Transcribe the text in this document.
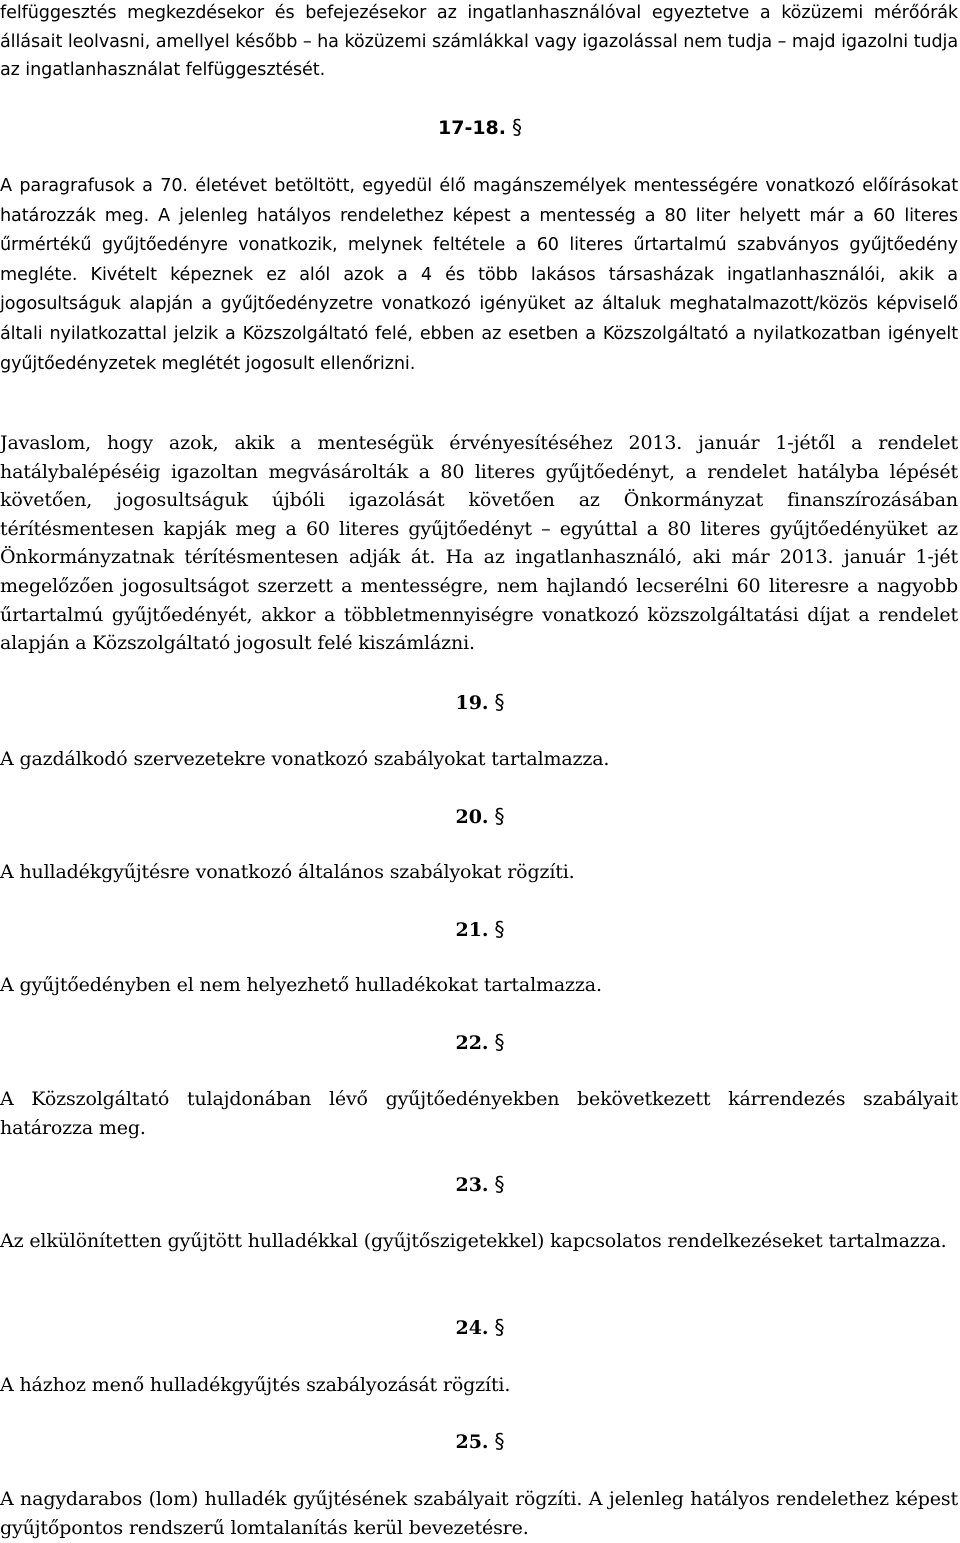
felfüggesztés megkezdésekor és befejezésekor az ingatlanhasználóval egyeztetve a közüzemi mérőórák állásait leolvasni, amellyel később – ha közüzemi számlákkal vagy igazolással nem tudja – majd igazolni tudja az ingatlanhasználat felfüggesztését.

17-18. §

A paragrafusok a 70. életévet betöltött, egyedül élő magánszemélyek mentességére vonatkozó előírásokat határozzák meg. A jelenleg hatályos rendelethez képest a mentesség a 80 liter helyett már a 60 literes űrmértékű gyűjtőedényre vonatkozik, melynek feltétele a 60 literes űrtartalmú szabványos gyűjtőedény megléte. Kivételt képeznek ez alól azok a 4 és több lakásos társasházak ingatlanhasználói, akik a jogosultságuk alapján a gyűjtőedényzetre vonatkozó igényüket az általuk meghatalmazott/közös képviselő általi nyilatkozattal jelzik a Közszolgáltató felé, ebben az esetben a Közszolgáltató a nyilatkozatban igényelt gyűjtőedényzetek meglétét jogosult ellenőrizni.

Javaslom, hogy azok, akik a menteségük érvényesítéséhez 2013. január 1-jétől a rendelet hatálybalépéséig igazoltan megvásárolták a 80 literes gyűjtőedényt, a rendelet hatályba lépését követően, jogosultságuk újbóli igazolását követően az Önkormányzat finanszírozásában térítésmentesen kapják meg a 60 literes gyűjtőedényt – egyúttal a 80 literes gyűjtőedényüket az Önkormányzatnak térítésmentesen adják át. Ha az ingatlanhasználó, aki már 2013. január 1-jét megelőzően jogosultságot szerzett a mentességre, nem hajlandó lecserélni 60 literesre a nagyobb űrtartalmú gyűjtőedényét, akkor a többletmennyiségre vonatkozó közszolgáltatási díjat a rendelet alapján a Közszolgáltató jogosult felé kiszámlázni.

19. §

A gazdálkodó szervezetekre vonatkozó szabályokat tartalmazza.

20. §

A hulladékgyűjtésre vonatkozó általános szabályokat rögzíti.

21. §

A gyűjtőedényben el nem helyezhető hulladékokat tartalmazza.

22. §

A Közszolgáltató tulajdonában lévő gyűjtőedényekben bekövetkezett kárrendezés szabályait határozza meg.

23. §

Az elkülönítetten gyűjtött hulladékkal (gyűjtőszigetekkel) kapcsolatos rendelkezéseket tartalmazza.

24. §

A házhoz menő hulladékgyűjtés szabályozását rögzíti.

25. §

A nagydarabos (lom) hulladék gyűjtésének szabályait rögzíti. A jelenleg hatályos rendelethez képest gyűjtőpontos rendszerű lomtalanítás kerül bevezetésre.
